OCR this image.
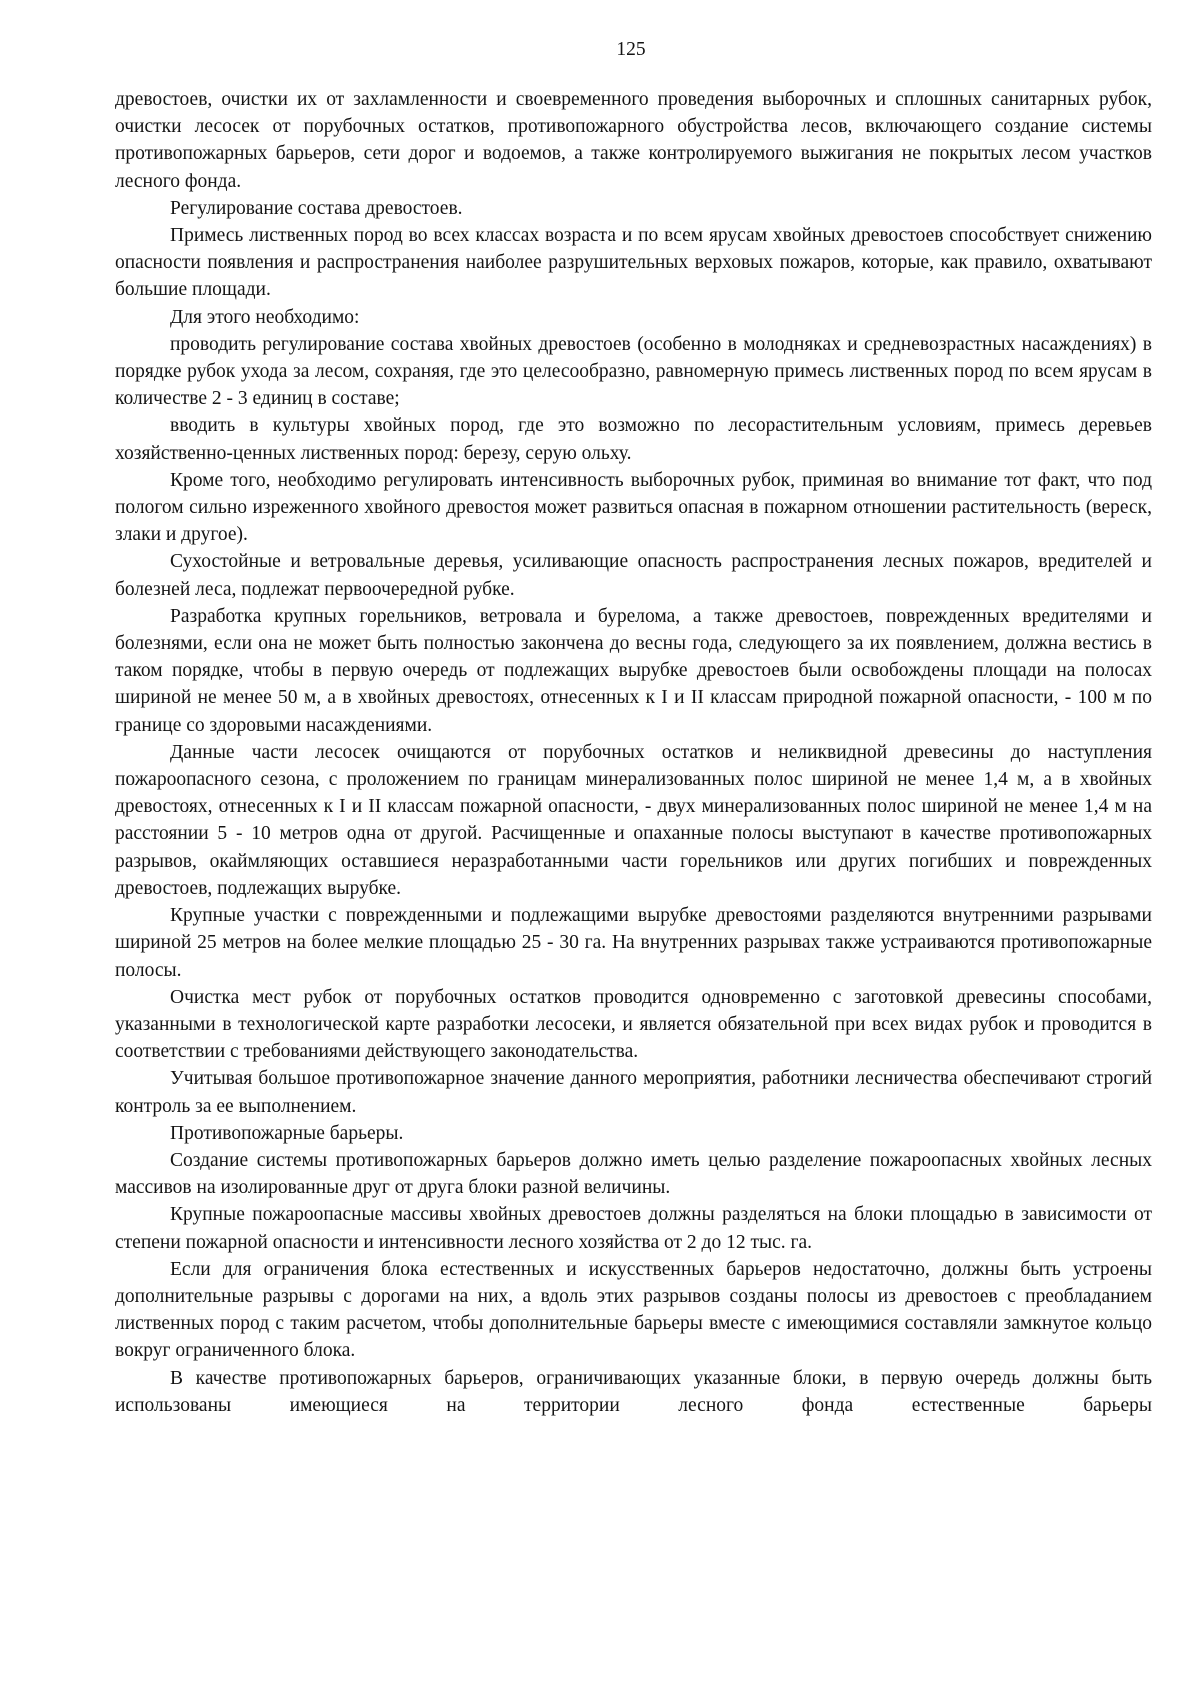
125

древостоев, очистки их от захламленности и своевременного проведения выборочных и сплошных санитарных рубок, очистки лесосек от порубочных остатков, противопожарного обустройства лесов, включающего создание системы противопожарных барьеров, сети дорог и водоемов, а также контролируемого выжигания не покрытых лесом участков лесного фонда.

Регулирование состава древостоев.

Примесь лиственных пород во всех классах возраста и по всем ярусам хвойных древостоев способствует снижению опасности появления и распространения наиболее разрушительных верховых пожаров, которые, как правило, охватывают большие площади.

Для этого необходимо:

проводить регулирование состава хвойных древостоев (особенно в молодняках и средневозрастных насаждениях) в порядке рубок ухода за лесом, сохраняя, где это целесообразно, равномерную примесь лиственных пород по всем ярусам в количестве 2 - 3 единиц в составе;

вводить в культуры хвойных пород, где это возможно по лесорастительным условиям, примесь деревьев хозяйственно-ценных лиственных пород: березу, серую ольху.

Кроме того, необходимо регулировать интенсивность выборочных рубок, приминая во внимание тот факт, что под пологом сильно изреженного хвойного древостоя может развиться опасная в пожарном отношении растительность (вереск, злаки и другое).

Сухостойные и ветровальные деревья, усиливающие опасность распространения лесных пожаров, вредителей и болезней леса, подлежат первоочередной рубке.

Разработка крупных горельников, ветровала и бурелома, а также древостоев, поврежденных вредителями и болезнями, если она не может быть полностью закончена до весны года, следующего за их появлением, должна вестись в таком порядке, чтобы в первую очередь от подлежащих вырубке древостоев были освобождены площади на полосах шириной не менее 50 м, а в хвойных древостоях, отнесенных к I и II классам природной пожарной опасности, - 100 м по границе со здоровыми насаждениями.

Данные части лесосек очищаются от порубочных остатков и неликвидной древесины до наступления пожароопасного сезона, с проложением по границам минерализованных полос шириной не менее 1,4 м, а в хвойных древостоях, отнесенных к I и II классам пожарной опасности, - двух минерализованных полос шириной не менее 1,4 м на расстоянии 5 - 10 метров одна от другой. Расчищенные и опаханные полосы выступают в качестве противопожарных разрывов, окаймляющих оставшиеся неразработанными части горельников или других погибших и поврежденных древостоев, подлежащих вырубке.

Крупные участки с поврежденными и подлежащими вырубке древостоями разделяются внутренними разрывами шириной 25 метров на более мелкие площадью 25 - 30 га. На внутренних разрывах также устраиваются противопожарные полосы.

Очистка мест рубок от порубочных остатков проводится одновременно с заготовкой древесины способами, указанными в технологической карте разработки лесосеки, и является обязательной при всех видах рубок и проводится в соответствии с требованиями действующего законодательства.

Учитывая большое противопожарное значение данного мероприятия, работники лесничества обеспечивают строгий контроль за ее выполнением.

Противопожарные барьеры.

Создание системы противопожарных барьеров должно иметь целью разделение пожароопасных хвойных лесных массивов на изолированные друг от друга блоки разной величины.

Крупные пожароопасные массивы хвойных древостоев должны разделяться на блоки площадью в зависимости от степени пожарной опасности и интенсивности лесного хозяйства от 2 до 12 тыс. га.

Если для ограничения блока естественных и искусственных барьеров недостаточно, должны быть устроены дополнительные разрывы с дорогами на них, а вдоль этих разрывов созданы полосы из древостоев с преобладанием лиственных пород с таким расчетом, чтобы дополнительные барьеры вместе с имеющимися составляли замкнутое кольцо вокруг ограниченного блока.

В качестве противопожарных барьеров, ограничивающих указанные блоки, в первую очередь должны быть использованы имеющиеся на территории лесного фонда естественные барьеры
